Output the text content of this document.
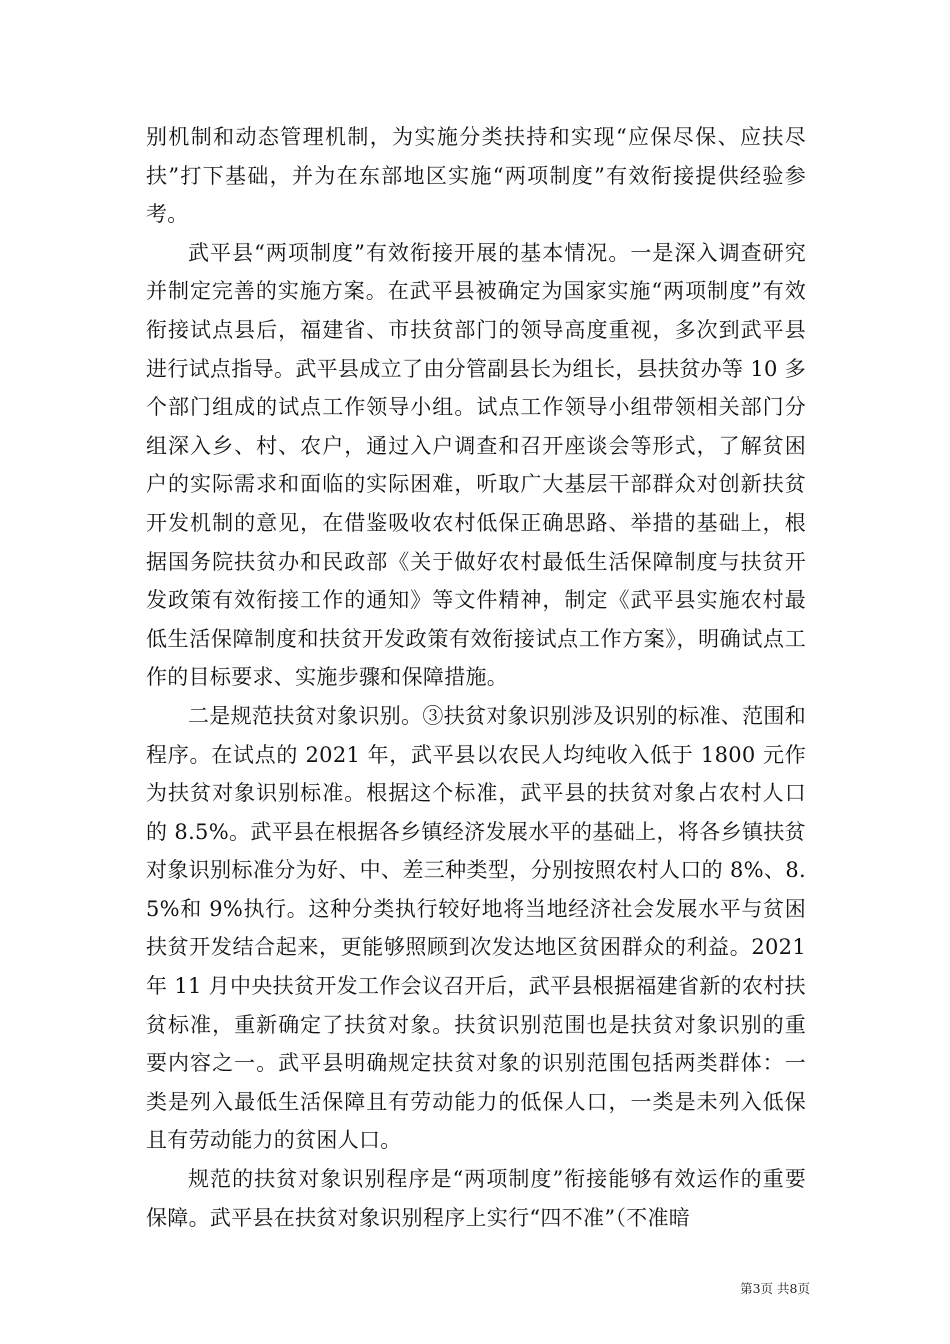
别机制和动态管理机制，为实施分类扶持和实现“应保尽保、应扶尽扶”打下基础，并为在东部地区实施“两项制度”有效衔接提供经验参考。

武平县“两项制度”有效衔接开展的基本情况。一是深入调查研究并制定完善的实施方案。在武平县被确定为国家实施“两项制度”有效衔接试点县后，福建省、市扶贫部门的领导高度重视，多次到武平县进行试点指导。武平县成立了由分管副县长为组长，县扶贫办等 10 多个部门组成的试点工作领导小组。试点工作领导小组带领相关部门分组深入乡、村、农户，通过入户调查和召开座谈会等形式，了解贫困户的实际需求和面临的实际困难，听取广大基层干部群众对创新扶贫开发机制的意见，在借鉴吸收农村低保正确思路、举措的基础上，根据国务院扶贫办和民政部《关于做好农村最低生活保障制度与扶贫开发政策有效衔接工作的通知》等文件精神，制定《武平县实施农村最低生活保障制度和扶贫开发政策有效衔接试点工作方案》，明确试点工作的目标要求、实施步骤和保障措施。

二是规范扶贫对象识别。③扶贫对象识别涉及识别的标准、范围和程序。在试点的 2021 年，武平县以农民人均纯收入低于 1800 元作为扶贫对象识别标准。根据这个标准，武平县的扶贫对象占农村人口的 8.5%。武平县在根据各乡镇经济发展水平的基础上，将各乡镇扶贫对象识别标准分为好、中、差三种类型，分别按照农村人口的 8%、8.5%和 9%执行。这种分类执行较好地将当地经济社会发展水平与贫困扶贫开发结合起来，更能够照顾到次发达地区贫困群众的利益。2021 年 11 月中央扶贫开发工作会议召开后，武平县根据福建省新的农村扶贫标准，重新确定了扶贫对象。扶贫识别范围也是扶贫对象识别的重要内容之一。武平县明确规定扶贫对象的识别范围包括两类群体：一类是列入最低生活保障且有劳动能力的低保人口，一类是未列入低保且有劳动能力的贫困人口。

规范的扶贫对象识别程序是“两项制度”衔接能够有效运作的重要保障。武平县在扶贫对象识别程序上实行“四不准”（不准暗

第3页 共8页
